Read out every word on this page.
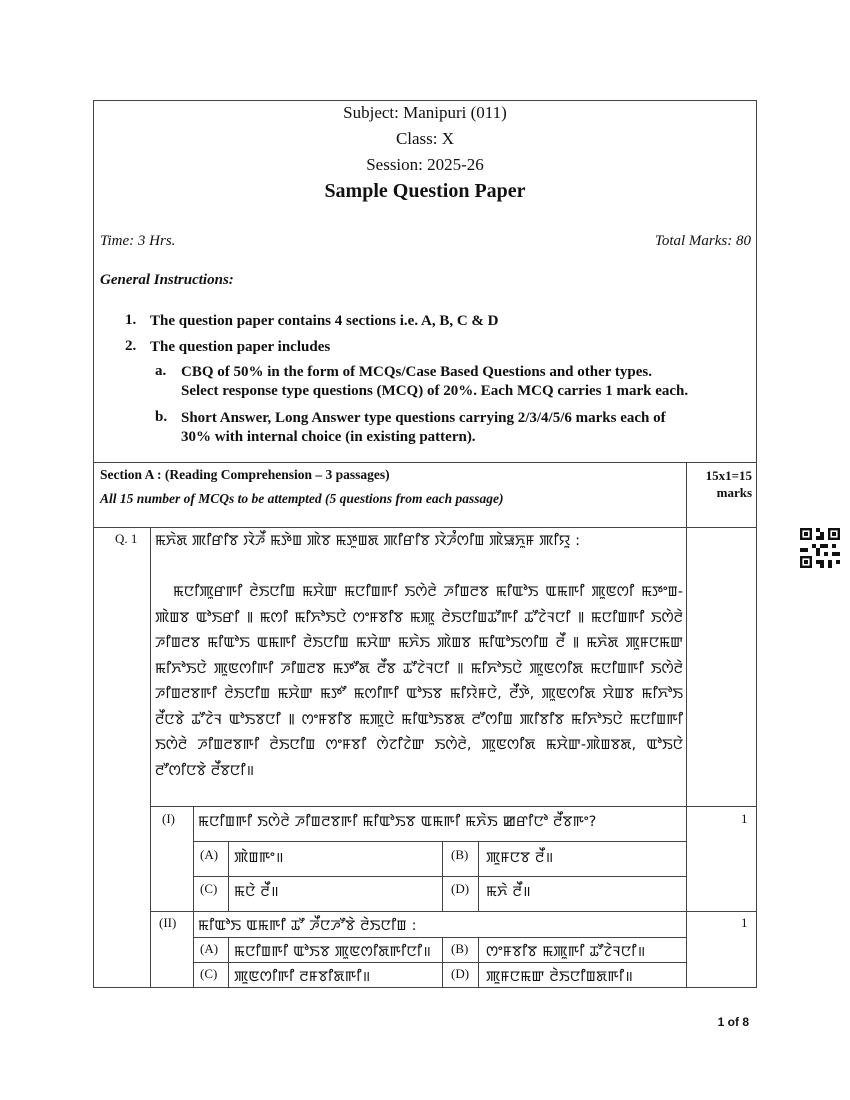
Subject: Manipuri (011)
Class: X
Session: 2025-26
Sample Question Paper
Time: 3 Hrs.	Total Marks: 80
General Instructions:
1. The question paper contains 4 sections i.e. A, B, C & D
2. The question paper includes
a. CBQ of 50% in the form of MCQs/Case Based Questions and other types.
Select response type questions (MCQ) of 20%. Each MCQ carries 1 mark each.
b. Short Answer, Long Answer type questions carrying 2/3/4/5/6 marks each of
30% with internal choice (in existing pattern).
Section A : (Reading Comprehension – 3 passages)
All 15 number of MCQs to be attempted (5 questions from each passage)
15x1=15
marks
Q. 1 ꯃꯈꯥꯗ ꯄꯤꯔꯤꯕ ꯋꯥꯍꯩ ꯃꯇꯥꯡ ꯄꯥꯕ ꯃꯇꯨꯡꯗ ꯄꯤꯔꯤꯕ ꯋꯥꯍꯪꯁꯤꯡ ꯄꯥꯎꯈꯨꯝ ꯄꯤꯌꯨ :
ꯃꯅꯤꯄꯨꯔꯒꯤ ꯂꯥꯏꯅꯤꯡ ꯃꯆꯥꯛ ꯃꯅꯤꯡꯒꯤ ꯏꯁꯥꯂꯥ ꯍꯤꯡꯂꯕ ꯃꯤꯑꯣꯏ ꯑꯃꯒꯤ ꯄꯨꯟꯁꯤ ꯃꯇꯦꯡ-ꯄꯥꯡꯕ ꯑꯣꯏꯔꯤ ꯫ ꯃꯁꯤ ꯃꯤꯈꯣꯏꯅꯥ ꯁꯦꯝꯕꯤꯕ ꯃꯄꯨ ꯂꯥꯏꯅꯤꯡꯊꯧꯒꯤ ꯊꯧꯖꯥꯜꯅꯤ ꯫ ꯃꯅꯤꯡꯒꯤ ꯏꯁꯥꯂꯥ ꯍꯤꯡꯂꯕ ꯃꯤꯑꯣꯏ ꯑꯃꯒꯤ ꯂꯥꯏꯅꯤꯡ ꯃꯆꯥꯛ ꯃꯈꯥꯏ ꯄꯥꯡꯕ ꯃꯤꯑꯣꯏꯁꯤꯡ ꯂꯩ ꯫ ꯃꯈꯥꯗ ꯄꯨꯝꯅꯃꯛ ꯃꯤꯈꯣꯏꯅꯥ ꯄꯨꯟꯁꯤꯒꯤ ꯍꯤꯡꯂꯕ ꯃꯇꯧꯗ ꯂꯩꯕ ꯊꯧꯖꯥꯜꯅꯤ ꯫ ꯃꯤꯈꯣꯏꯅꯥ ꯄꯨꯟꯁꯤꯗ ꯃꯅꯤꯡꯒꯤ ꯏꯁꯥꯂꯥ ꯍꯤꯡꯂꯕꯒꯤ ꯂꯥꯏꯅꯤꯡ ꯃꯆꯥꯛ ꯃꯇꯧ ꯃꯁꯤꯒꯤ ꯑꯣꯏꯕ ꯃꯤꯌꯥꯝꯅꯥ, ꯂꯩꯇꯥ, ꯄꯨꯟꯁꯤꯗ ꯆꯥꯡꯕ ꯃꯤꯈꯣꯏ ꯂꯩꯅꯕꯥ ꯊꯧꯖꯥꯜ ꯑꯣꯏꯕꯅꯤ ꯫ ꯁꯦꯝꯕꯤꯕ ꯃꯄꯨꯅꯥ ꯃꯤꯑꯣꯏꯕꯗ ꯂꯧꯁꯤꯡ ꯄꯤꯕꯤꯕ ꯃꯤꯈꯣꯏꯅꯥ ꯃꯅꯤꯡꯒꯤ ꯏꯁꯥꯂꯥ ꯍꯤꯡꯂꯕꯒꯤ ꯂꯥꯏꯅꯤꯡ ꯁꯦꯝꯕꯤ ꯁꯥꯖꯤꯖꯥꯛ ꯏꯁꯥꯂꯥ, ꯄꯨꯟꯁꯤꯗ ꯃꯆꯥꯛ-ꯄꯥꯡꯕꯗ, ꯑꯣꯏꯅꯥ ꯂꯧꯁꯤꯅꯕꯥ ꯂꯩꯕꯅꯤ॥
(I) ꯃꯅꯤꯡꯒꯤ ꯏꯁꯥꯂꯥ ꯍꯤꯡꯂꯕꯒꯤ ꯃꯤꯑꯣꯏꯕ ꯑꯃꯒꯤ ꯃꯈꯥꯏ ꯀꯔꯤꯅꯣ ꯂꯩꯕꯒꯦ?	1
(A) ꯄꯥꯡꯒꯦ॥	(B) ꯄꯨꯝꯅꯕ ꯂꯩ॥
(C) ꯃꯅꯥ ꯂꯩ॥	(D) ꯃꯈꯥ ꯂꯩ॥
(II) ꯃꯤꯑꯣꯏ ꯑꯃꯒꯤ ꯊꯧ ꯍꯩꯅꯍꯧꯕꯥ ꯂꯥꯏꯅꯤꯡ :	1
(A) ꯃꯅꯤꯡꯒꯤ ꯑꯣꯏꯕ ꯄꯨꯟꯁꯤꯗꯒꯤꯅꯤ॥ (B) ꯁꯦꯝꯕꯤꯕ ꯃꯄꯨꯒꯤ ꯊꯧꯖꯥꯜꯅꯤ॥
(C) ꯄꯨꯟꯁꯤꯒꯤ ꯂꯝꯕꯤꯗꯒꯤ॥	(D) ꯄꯨꯝꯅꯃꯛ ꯂꯥꯏꯅꯤꯡꯗꯒꯤ॥
1 of 8
